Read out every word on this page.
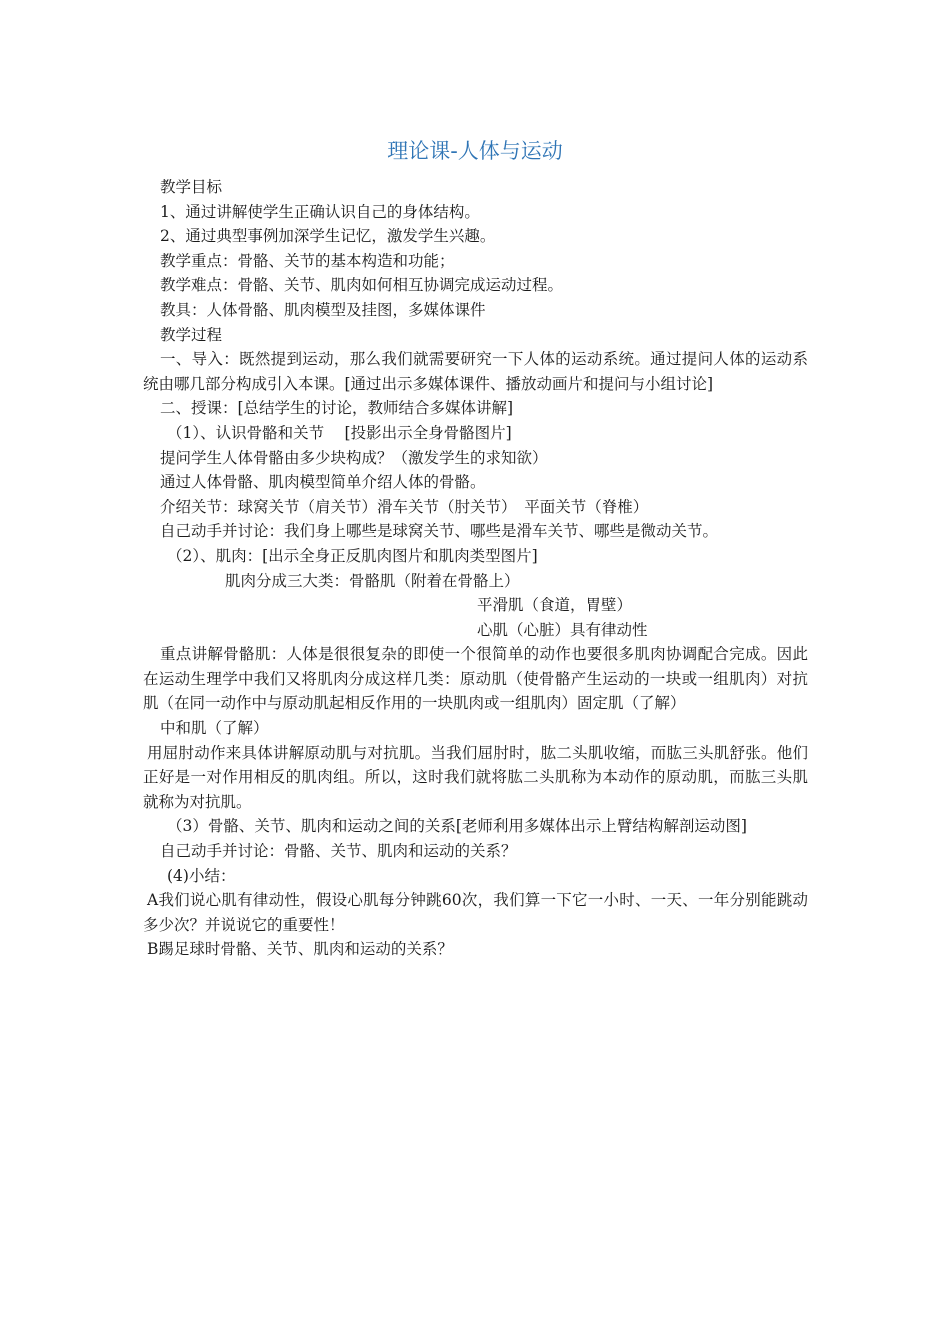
理论课-人体与运动

教学目标

1、通过讲解使学生正确认识自己的身体结构。

2、通过典型事例加深学生记忆，激发学生兴趣。

教学重点：骨骼、关节的基本构造和功能；

教学难点：骨骼、关节、肌肉如何相互协调完成运动过程。

教具：人体骨骼、肌肉模型及挂图，多媒体课件

教学过程

一、导入：既然提到运动，那么我们就需要研究一下人体的运动系统。通过提问人体的运动系统由哪几部分构成引入本课。[通过出示多媒体课件、播放动画片和提问与小组讨论]

二、授课：[总结学生的讨论，教师结合多媒体讲解]

（1）、认识骨骼和关节　 [投影出示全身骨骼图片]

提问学生人体骨骼由多少块构成？（激发学生的求知欲）

通过人体骨骼、肌肉模型简单介绍人体的骨骼。

介绍关节：球窝关节（肩关节）滑车关节（肘关节）　平面关节（脊椎）

自己动手并讨论：我们身上哪些是球窝关节、哪些是滑车关节、哪些是微动关节。

（2）、肌肉：[出示全身正反肌肉图片和肌肉类型图片]

肌肉分成三大类：骨骼肌（附着在骨骼上）

平滑肌（食道，胃壁）

心肌（心脏）具有律动性

重点讲解骨骼肌：人体是很很复杂的即使一个很简单的动作也要很多肌肉协调配合完成。因此在运动生理学中我们又将肌肉分成这样几类：原动肌（使骨骼产生运动的一块或一组肌肉）对抗肌（在同一动作中与原动肌起相反作用的一块肌肉或一组肌肉）固定肌（了解）

中和肌（了解）

用屈肘动作来具体讲解原动肌与对抗肌。当我们屈肘时，肱二头肌收缩，而肱三头肌舒张。他们正好是一对作用相反的肌肉组。所以，这时我们就将肱二头肌称为本动作的原动肌，而肱三头肌就称为对抗肌。

（3）骨骼、关节、肌肉和运动之间的关系[老师利用多媒体出示上臂结构解剖运动图]

自己动手并讨论：骨骼、关节、肌肉和运动的关系？

(4)小结：

A我们说心肌有律动性，假设心肌每分钟跳60次，我们算一下它一小时、一天、一年分别能跳动多少次？并说说它的重要性！

B踢足球时骨骼、关节、肌肉和运动的关系？
